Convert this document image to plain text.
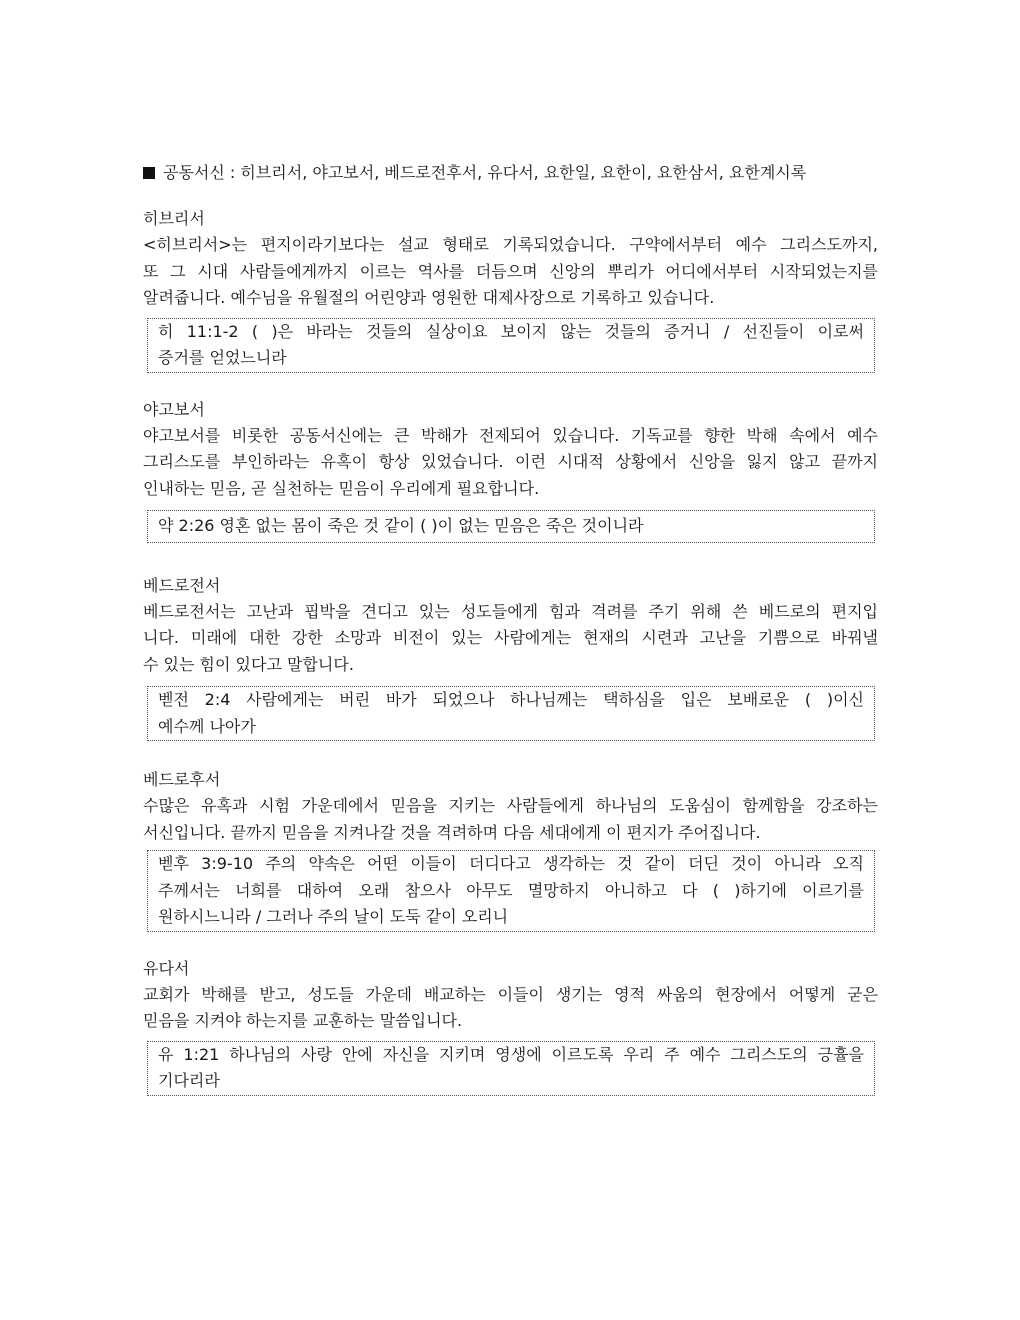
공동서신 : 히브리서, 야고보서, 베드로전후서, 유다서, 요한일, 요한이, 요한삼서, 요한계시록
히브리서
<히브리서>는 편지이라기보다는 설교 형태로 기록되었습니다. 구약에서부터 예수 그리스도까지,
또 그 시대 사람들에게까지 이르는 역사를 더듬으며 신앙의 뿌리가 어디에서부터 시작되었는지를
알려줍니다. 예수님을 유월절의 어린양과 영원한 대제사장으로 기록하고 있습니다.
히 11:1-2 ( )은 바라는 것들의 실상이요 보이지 않는 것들의 증거니 / 선진들이 이로써
증거를 얻었느니라
야고보서
야고보서를 비롯한 공동서신에는 큰 박해가 전제되어 있습니다. 기독교를 향한 박해 속에서 예수
그리스도를 부인하라는 유혹이 항상 있었습니다. 이런 시대적 상황에서 신앙을 잃지 않고 끝까지
인내하는 믿음, 곧 실천하는 믿음이 우리에게 필요합니다.
약 2:26 영혼 없는 몸이 죽은 것 같이 ( )이 없는 믿음은 죽은 것이니라
베드로전서
베드로전서는 고난과 핍박을 견디고 있는 성도들에게 힘과 격려를 주기 위해 쓴 베드로의 편지입
니다. 미래에 대한 강한 소망과 비전이 있는 사람에게는 현재의 시련과 고난을 기쁨으로 바꿔낼
수 있는 힘이 있다고 말합니다.
벧전 2:4 사람에게는 버린 바가 되었으나 하나님께는 택하심을 입은 보배로운 ( )이신
예수께 나아가
베드로후서
수많은 유혹과 시험 가운데에서 믿음을 지키는 사람들에게 하나님의 도움심이 함께함을 강조하는
서신입니다. 끝까지 믿음을 지켜나갈 것을 격려하며 다음 세대에게 이 편지가 주어집니다.
벧후 3:9-10 주의 약속은 어떤 이들이 더디다고 생각하는 것 같이 더딘 것이 아니라 오직
주께서는 너희를 대하여 오래 참으사 아무도 멸망하지 아니하고 다 ( )하기에 이르기를
원하시느니라 / 그러나 주의 날이 도둑 같이 오리니
유다서
교회가 박해를 받고, 성도들 가운데 배교하는 이들이 생기는 영적 싸움의 현장에서 어떻게 굳은
믿음을 지켜야 하는지를 교훈하는 말씀입니다.
유 1:21 하나님의 사랑 안에 자신을 지키며 영생에 이르도록 우리 주 예수 그리스도의 긍휼을
기다리라
